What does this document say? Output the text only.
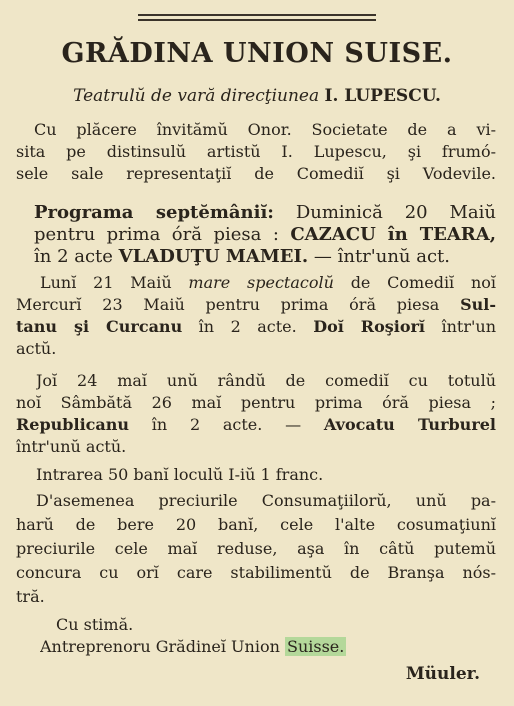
GRĂDINA UNION SUISE.
Teatrulŭ de vară direcţiunea I. LUPESCU.
Cu plăcere învitămŭ Onor. Societate de a vi-
sita pe distinsulŭ artistŭ I. Lupescu, şi frumó-
sele sale representaţiĭ de Comediĭ şi Vodevile.
Programa septĕmâniĭ: Duminică 20 Maiŭ
pentru prima óră piesa : CAZACU în TEARA,
în 2 acte VLADUŢU MAMEI. — într'unŭ act.
Lunĭ 21 Maiŭ mare spectacolŭ de Comediĭ noĭ
Mercurĭ 23 Maiŭ pentru prima óră piesa Sul-
tanu şi Curcanu în 2 acte. Doĭ Roşiorĭ într'un
actŭ.
Joĭ 24 maĭ unŭ rândŭ de comediĭ cu totulŭ
noĭ Sâmbătă 26 maĭ pentru prima óră piesa ;
Republicanu în 2 acte. — Avocatu Turburel
într'unŭ actŭ.
Intrarea 50 banĭ loculŭ I-iŭ 1 franc.
D'asemenea preciurile Consumaţiilorŭ, unŭ pa-
harŭ de bere 20 banĭ, cele l'alte cosumaţiunĭ
preciurile cele maĭ reduse, aşa în câtŭ putemŭ
concura cu orĭ care stabilimentŭ de Branşa nós-
tră.
Cu stimă.
Antreprenoru Grădineĭ Union Suisse.
Müuler.
